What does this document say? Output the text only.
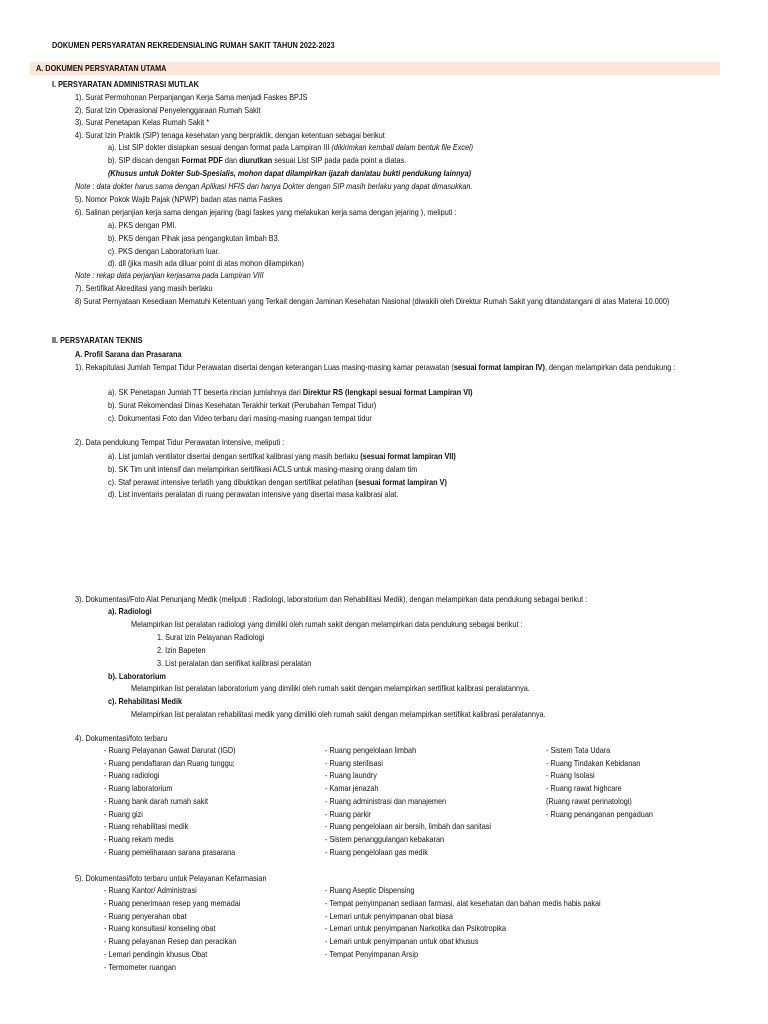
DOKUMEN PERSYARATAN REKREDENSIALING RUMAH SAKIT TAHUN 2022-2023
A. DOKUMEN PERSYARATAN UTAMA
I. PERSYARATAN ADMINISTRASI MUTLAK
1). Surat Permohonan Perpanjangan Kerja Sama menjadi Faskes BPJS
2). Surat Izin Operasional Penyelenggaraan Rumah Sakit
3). Surat Penetapan Kelas Rumah Sakit *
4). Surat Izin Praktik (SIP) tenaga kesehatan yang berpraktik, dengan ketentuan sebagai berikut
a). List SIP dokter disiapkan sesuai dengan format pada Lampiran III (dikirimkan kembali dalam bentuk file Excel)
b). SIP discan dengan Format PDF dan diurutkan sesuai List SIP pada pada point a diatas.
(Khusus untuk Dokter Sub-Spesialis, mohon dapat dilampirkan ijazah dan/atau bukti pendukung lainnya)
Note : data dokter harus sama dengan Aplikasi HFIS dan hanya Dokter dengan SIP masih berlaku yang dapat dimasukkan.
5). Nomor Pokok Wajib Pajak (NPWP) badan atas nama Faskes
6). Salinan perjanjian kerja sama dengan jejaring (bagi faskes yang melakukan kerja sama dengan jejaring ), meliputi :
a). PKS dengan PMI.
b). PKS dengan Pihak jasa pengangkutan limbah B3.
c). PKS dengan Laboratorium luar.
d). dll (jika masih ada diluar point di atas mohon dilampirkan)
Note : rekap data perjanjian kerjasama pada Lampiran VIII
7). Sertifikat Akreditasi yang masih berlaku
8) Surat Pernyataan Kesediaan Mematuhi Ketentuan yang Terkait dengan Jaminan Kesehatan Nasional (diwakili oleh Direktur Rumah Sakit yang ditandatangani di atas Materai 10.000)
II. PERSYARATAN TEKNIS
A. Profil Sarana dan Prasarana
1). Rekapitulasi Jumlah Tempat Tidur Perawatan disertai dengan keterangan Luas masing-masing kamar perawatan (sesuai format lampiran IV), dengan melampirkan data pendukung :
a). SK Penetapan Jumlah TT beserta rincian jumlahnya dari Direktur RS (lengkapi sesuai format Lampiran VI)
b). Surat Rekomendasi Dinas Kesehatan Terakhir terkait (Perubahan Tempat Tidur)
c). Dokumentasi Foto dan Video terbaru dari masing-masing ruangan tempat tidur
2). Data pendukung Tempat Tidur Perawatan Intensive, meliputi :
a). List jumlah ventilator disertai dengan sertifkat kalibrasi yang masih berlaku (sesuai format lampiran VII)
b). SK Tim unit intensif dan melampirkan sertifikasi ACLS untuk masing-masing orang dalam tim
c). Staf perawat intensive terlatih yang dibuktikan dengan sertifikat pelatihan (sesuai format lampiran V)
d). List inventaris peralatan di ruang perawatan intensive yang disertai masa kalibrasi alat.
3). Dokumentasi/Foto Alat Penunjang Medik (meliputi : Radiologi, laboratorium dan Rehabilitasi Medik), dengan melampirkan data pendukung sebagai berikut :
a). Radiologi
Melampirkan list peralatan radiologi yang dimiliki oleh rumah sakit dengan melampirkan data pendukung sebagai berikut :
1. Surat izin Pelayanan Radiologi
2. Izin Bapeten
3. List peralatan dan serifikat kalibrasi peralatan
b). Laboratorium
Melampirkan list peralatan laboratorium yang dimiliki oleh rumah sakit dengan melampirkan sertifikat kalibrasi peralatannya.
c). Rehabilitasi Medik
Melampirkan list peralatan rehabilitasi medik yang dimiliki oleh rumah sakit dengan melampirkan sertifikat kalibrasi peralatannya.
4). Dokumentasi/foto terbaru
- Ruang Pelayanan Gawat Darurat (IGD)
- Ruang pendaftaran dan Ruang tunggu;
- Ruang radiologi
- Ruang laboratorium
- Ruang bank darah rumah sakit
- Ruang gizi
- Ruang rehabilitasi medik
- Ruang rekam medis
- Ruang pemeliharaan sarana prasarana
- Ruang pengelolaan limbah
- Ruang sterilisasi
- Ruang laundry
- Kamar jenazah
- Ruang administrasi dan manajemen
- Ruang parkir
- Ruang pengelolaan air bersih, limbah dan sanitasi
- Sistem penanggulangan kebakaran
- Ruang pengelolaan gas medik
- Sistem Tata Udara
- Ruang Tindakan Kebidanan
- Ruang Isolasi
- Ruang rawat highcare
(Ruang rawat perinatologi)
- Ruang penanganan pengaduan
5). Dokumentasi/foto terbaru untuk Pelayanan Kefarmasian
- Ruang Kantor/ Administrasi
- Ruang penerimaan resep yang memadai
- Ruang penyerahan obat
- Ruang konsultasi/ konseling obat
- Ruang pelayanan Resep dan peracikan
- Lemari pendingin khusus Obat
- Termometer ruangan
- Ruang Aseptic Dispensing
- Tempat penyimpanan sediaan farmasi, alat kesehatan dan bahan medis habis pakai
- Lemari untuk penyimpanan obat biasa
- Lemari untuk penyimpanan Narkotika dan Psikotropika
- Lemari untuk penyimpanan untuk obat khusus
- Tempat Penyimpanan Arsip
